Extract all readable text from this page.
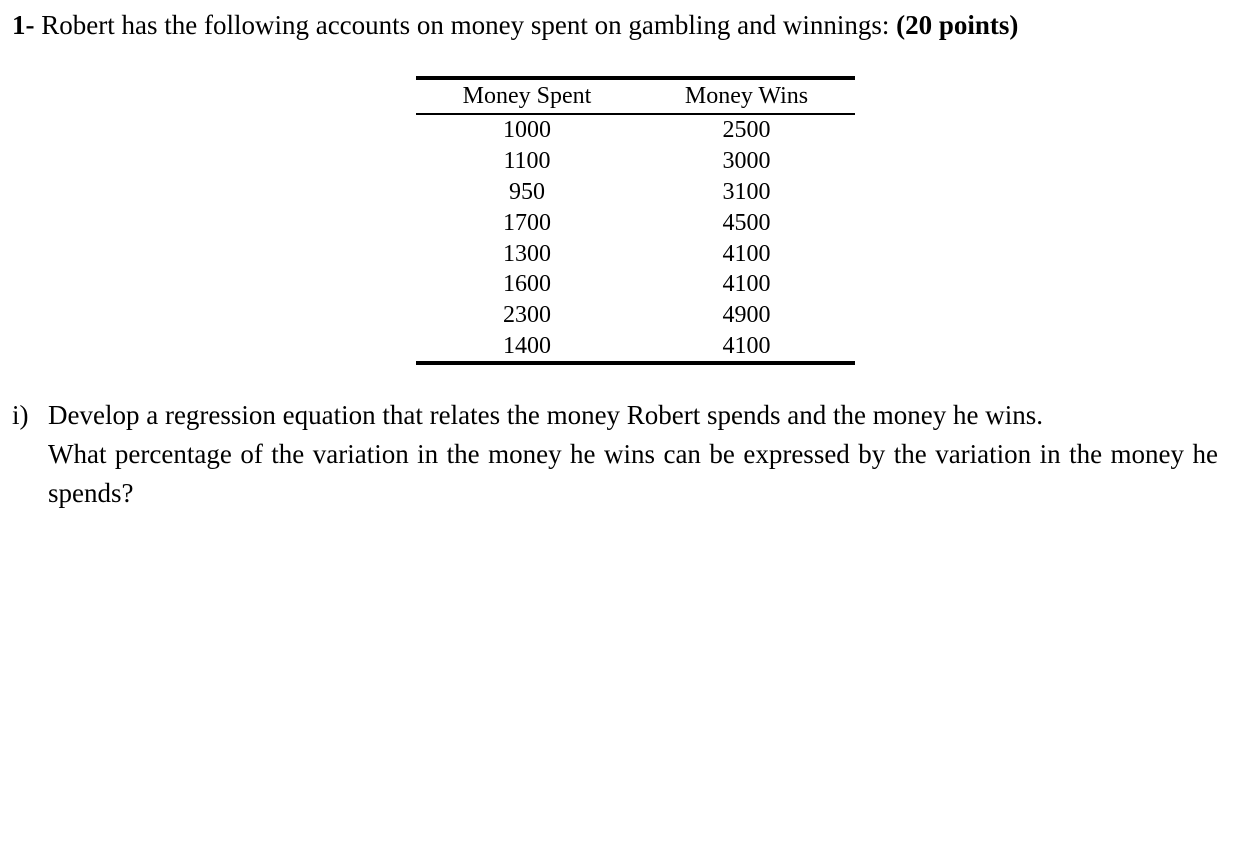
1- Robert has the following accounts on money spent on gambling and winnings: (20 points)
Money Spent	Money Wins
1000	2500
1100	3000
950	3100
1700	4500
1300	4100
1600	4100
2300	4900
1400	4100
i) Develop a regression equation that relates the money Robert spends and the money he wins.
What percentage of the variation in the money he wins can be expressed by the variation in the money he spends?
